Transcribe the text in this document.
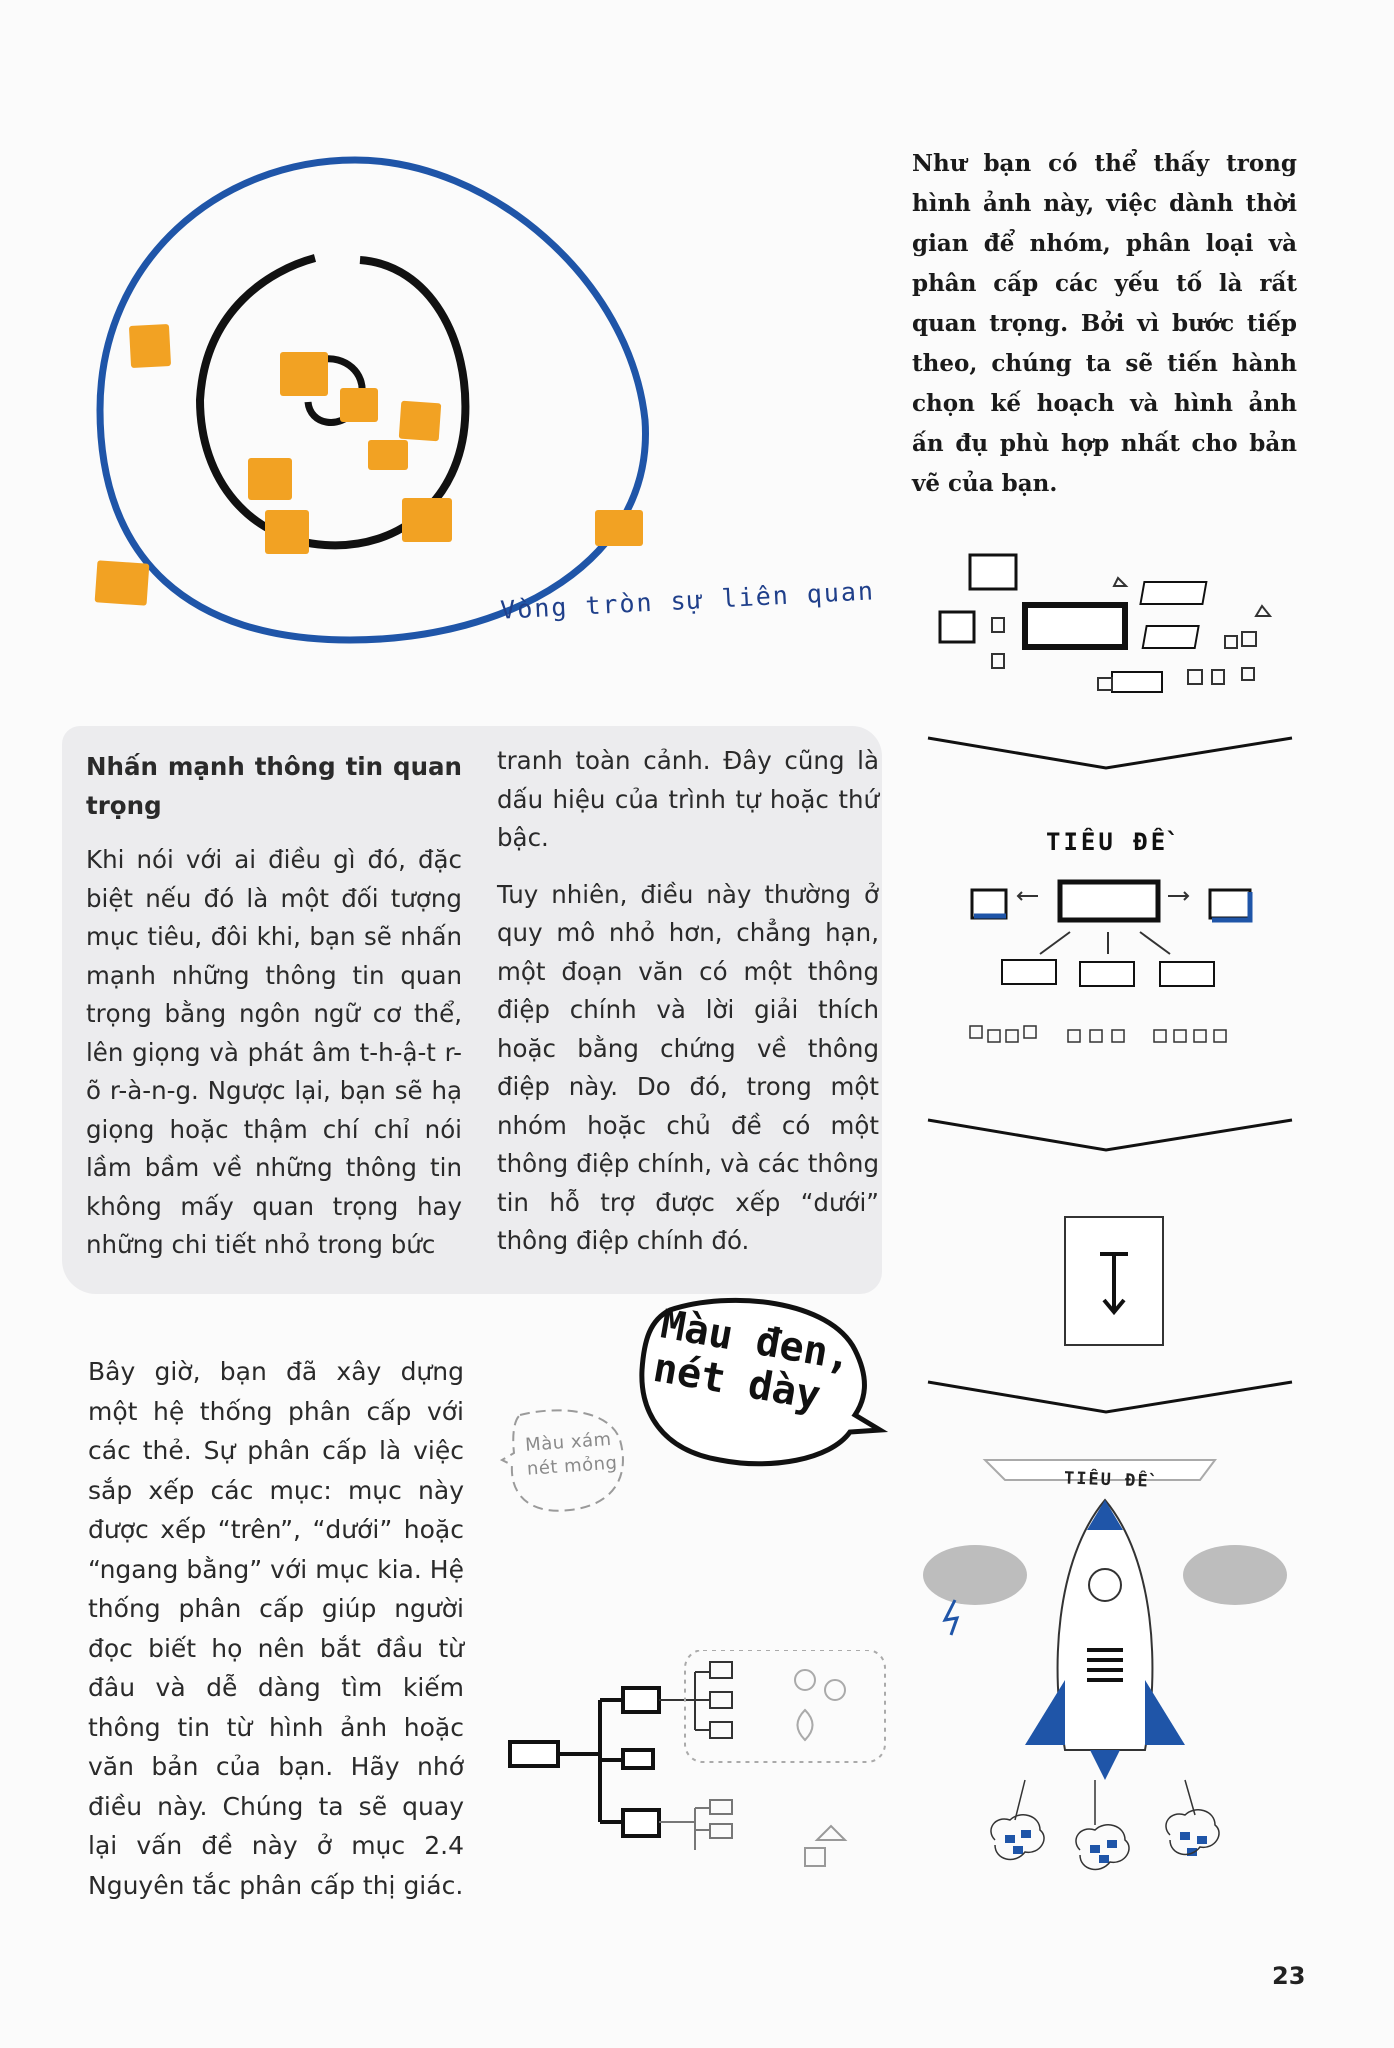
Như bạn có thể thấy trong hình ảnh này, việc dành thời gian để nhóm, phân loại và phân cấp các yếu tố là rất quan trọng. Bởi vì bước tiếp theo, chúng ta sẽ tiến hành chọn kế hoạch và hình ảnh ấn đụ phù hợp nhất cho bản vẽ của bạn.

Vòng tròn sự liên quan

Nhấn mạnh thông tin quan trọng

Khi nói với ai điều gì đó, đặc biệt nếu đó là một đối tượng mục tiêu, đôi khi, bạn sẽ nhấn mạnh những thông tin quan trọng bằng ngôn ngữ cơ thể, lên giọng và phát âm t-h-ậ-t r-õ r-à-n-g. Ngược lại, bạn sẽ hạ giọng hoặc thậm chí chỉ nói lầm bầm về những thông tin không mấy quan trọng hay những chi tiết nhỏ trong bức

tranh toàn cảnh. Đây cũng là dấu hiệu của trình tự hoặc thứ bậc.

Tuy nhiên, điều này thường ở quy mô nhỏ hơn, chẳng hạn, một đoạn văn có một thông điệp chính và lời giải thích hoặc bằng chứng về thông điệp này. Do đó, trong một nhóm hoặc chủ đề có một thông điệp chính, và các thông tin hỗ trợ được xếp “dưới” thông điệp chính đó.

Bây giờ, bạn đã xây dựng một hệ thống phân cấp với các thẻ. Sự phân cấp là việc sắp xếp các mục: mục này được xếp “trên”, “dưới” hoặc “ngang bằng” với mục kia. Hệ thống phân cấp giúp người đọc biết họ nên bắt đầu từ đâu và dễ dàng tìm kiếm thông tin từ hình ảnh hoặc văn bản của bạn. Hãy nhớ điều này. Chúng ta sẽ quay lại vấn đề này ở mục 2.4 Nguyên tắc phân cấp thị giác.

Màu đen, nét dày
Màu xám nét mỏng
TIÊU ĐỀ
TIÊU ĐỀ
23
